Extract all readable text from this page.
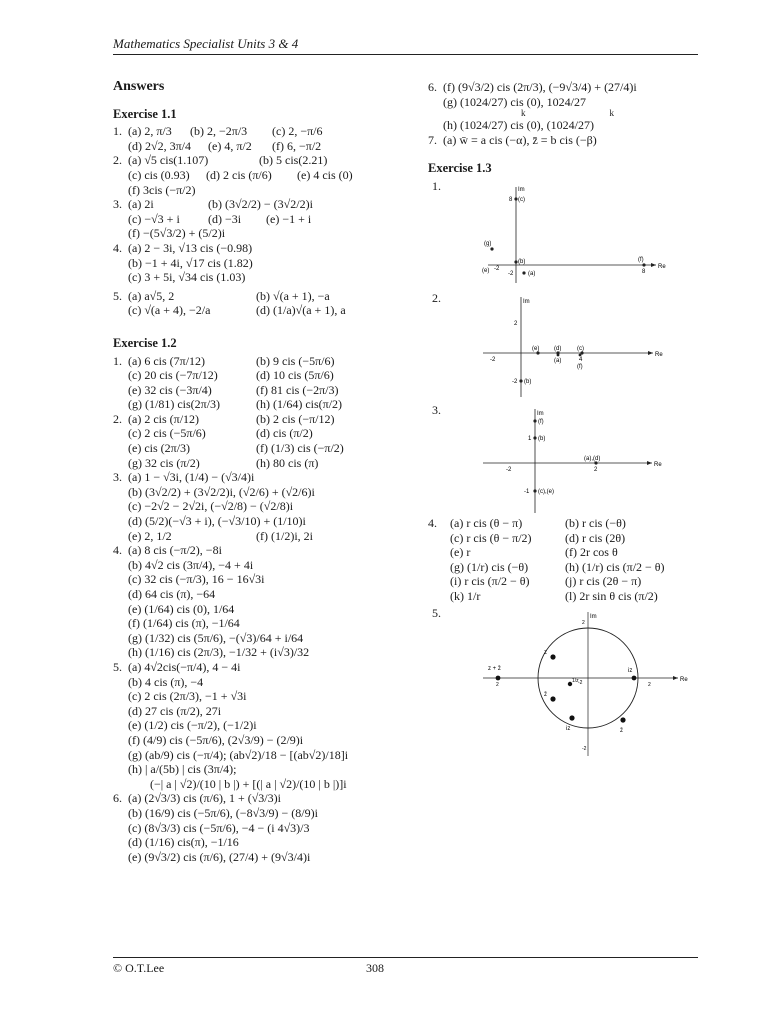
Mathematics Specialist Units 3 & 4
Answers
Exercise 1.1
1. (a) 2, π/3	(b) 2, −2π/3	(c) 2, −π/6
(d) 2√2, 3π/4	(e) 4, π/2	(f) 6, −π/2
2. (a) √5 cis(1.107)	(b) 5 cis(2.21)
(c) cis (0.93)	(d) 2 cis (π/6)	(e) 4 cis (0)
(f) 3cis (−π/2)
3. (a) 2i	(b) (3√2/2) − (3√2/2)i
(c) −√3 + i	(d) −3i	(e) −1 + i
(f) −(5√3/2) + (5/2)i
4. (a) 2 − 3i, √13 cis (−0.98)
(b) −1 + 4i, √17 cis (1.82)
(c) 3 + 5i, √34 cis (1.03)
5. (a) a√5, 2	(b) √(a + 1), −a
(c) √(a + 4), −2/a	(d) (1/a)√(a + 1), a
Exercise 1.2
1. (a) 6 cis (7π/12)	(b) 9 cis (−5π/6)
(c) 20 cis (−7π/12)	(d) 10 cis (5π/6)
(e) 32 cis (−3π/4)	(f) 81 cis (−2π/3)
(g) (1/81) cis(2π/3)	(h) (1/64) cis(π/2)
2. (a) 2 cis (π/12)	(b) 2 cis (−π/12)
(c) 2 cis (−5π/6)	(d) cis (π/2)
(e) cis (2π/3)	(f) (1/3) cis (−π/2)
(g) 32 cis (π/2)	(h) 80 cis (π)
3. (a) 1 − √3i, (1/4) − (√3/4)i
(b) (3√2/2) + (3√2/2)i, (√2/6) + (√2/6)i
(c) −2√2 − 2√2i, (−√2/8) − (√2/8)i
(d) (5/2)(−√3 + i), (−√3/10) + (1/10)i
(e) 2, 1/2	(f) (1/2)i, 2i
4. (a) 8 cis (−π/2), −8i
(b) 4√2 cis (3π/4), −4 + 4i
(c) 32 cis (−π/3), 16 − 16√3i
(d) 64 cis (π), −64
(e) (1/64) cis (0), 1/64
(f) (1/64) cis (π), −1/64
(g) (1/32) cis (5π/6), −(√3)/64 + i/64
(h) (1/16) cis (2π/3), −1/32 + (i√3)/32
5. (a) 4√2cis(−π/4), 4 − 4i
(b) 4 cis (π), −4
(c) 2 cis (2π/3), −1 + √3i
(d) 27 cis (π/2), 27i
(e) (1/2) cis (−π/2), (−1/2)i
(f) (4/9) cis (−5π/6), (2√3/9) − (2/9)i
(g) (ab/9) cis (−π/4); (ab√2)/18 − [(ab√2)/18]i
(h) | a/(5b) | cis (3π/4);
(−| a | √2)/(10 | b |) + [(| a | √2)/(10 | b |)]i
6. (a) (2√3/3) cis (π/6), 1 + (√3/3)i
(b) (16/9) cis (−5π/6), (−8√3/9) − (8/9)i
(c) (8√3/3) cis (−5π/6), −4 − (i 4√3)/3
(d) (1/16) cis(π), −1/16
(e) (9√3/2) cis (π/6), (27/4) + (9√3/4)i
6. (f) (9√3/2) cis (2π/3), (−9√3/4) + (27/4)i
(g) (1024/27) cis (0), 1024/27
k	k
(h) (1024/27) cis (0), (1024/27)
7. (a) w̄ = a cis (−α), z̄ = b cis (−β)
Exercise 1.3
1.	Im
Re
8 (c)
(g)
(e)
(b)	(f)
8
-2
-2 (a)
2.	Im
Re
2
-2
(e) (d)	(c)
4
(a)
(f)
-2 (b)
3.	Im
Re
(f)
1 (b)
-2
(a),(d)
2
-1 (c),(e)
4.	(a) r cis (θ − π)	(b) r cis (−θ)
(c) r cis (θ − π/2)	(d) r cis (2θ)
(e) r	(f) 2r cos θ
(g) (1/r) cis (−θ)	(h) (1/r) cis (π/2 − θ)
(i) r cis (π/2 − θ)	(j) r cis (2θ − π)
(k) 1/r	(l) 2r sin θ cis (π/2)
5.	Im
Re
2
z
z + z̄
2
1/z
z̄
-2
iz
2
iz	z̄
-2
© O.T.Lee	308
